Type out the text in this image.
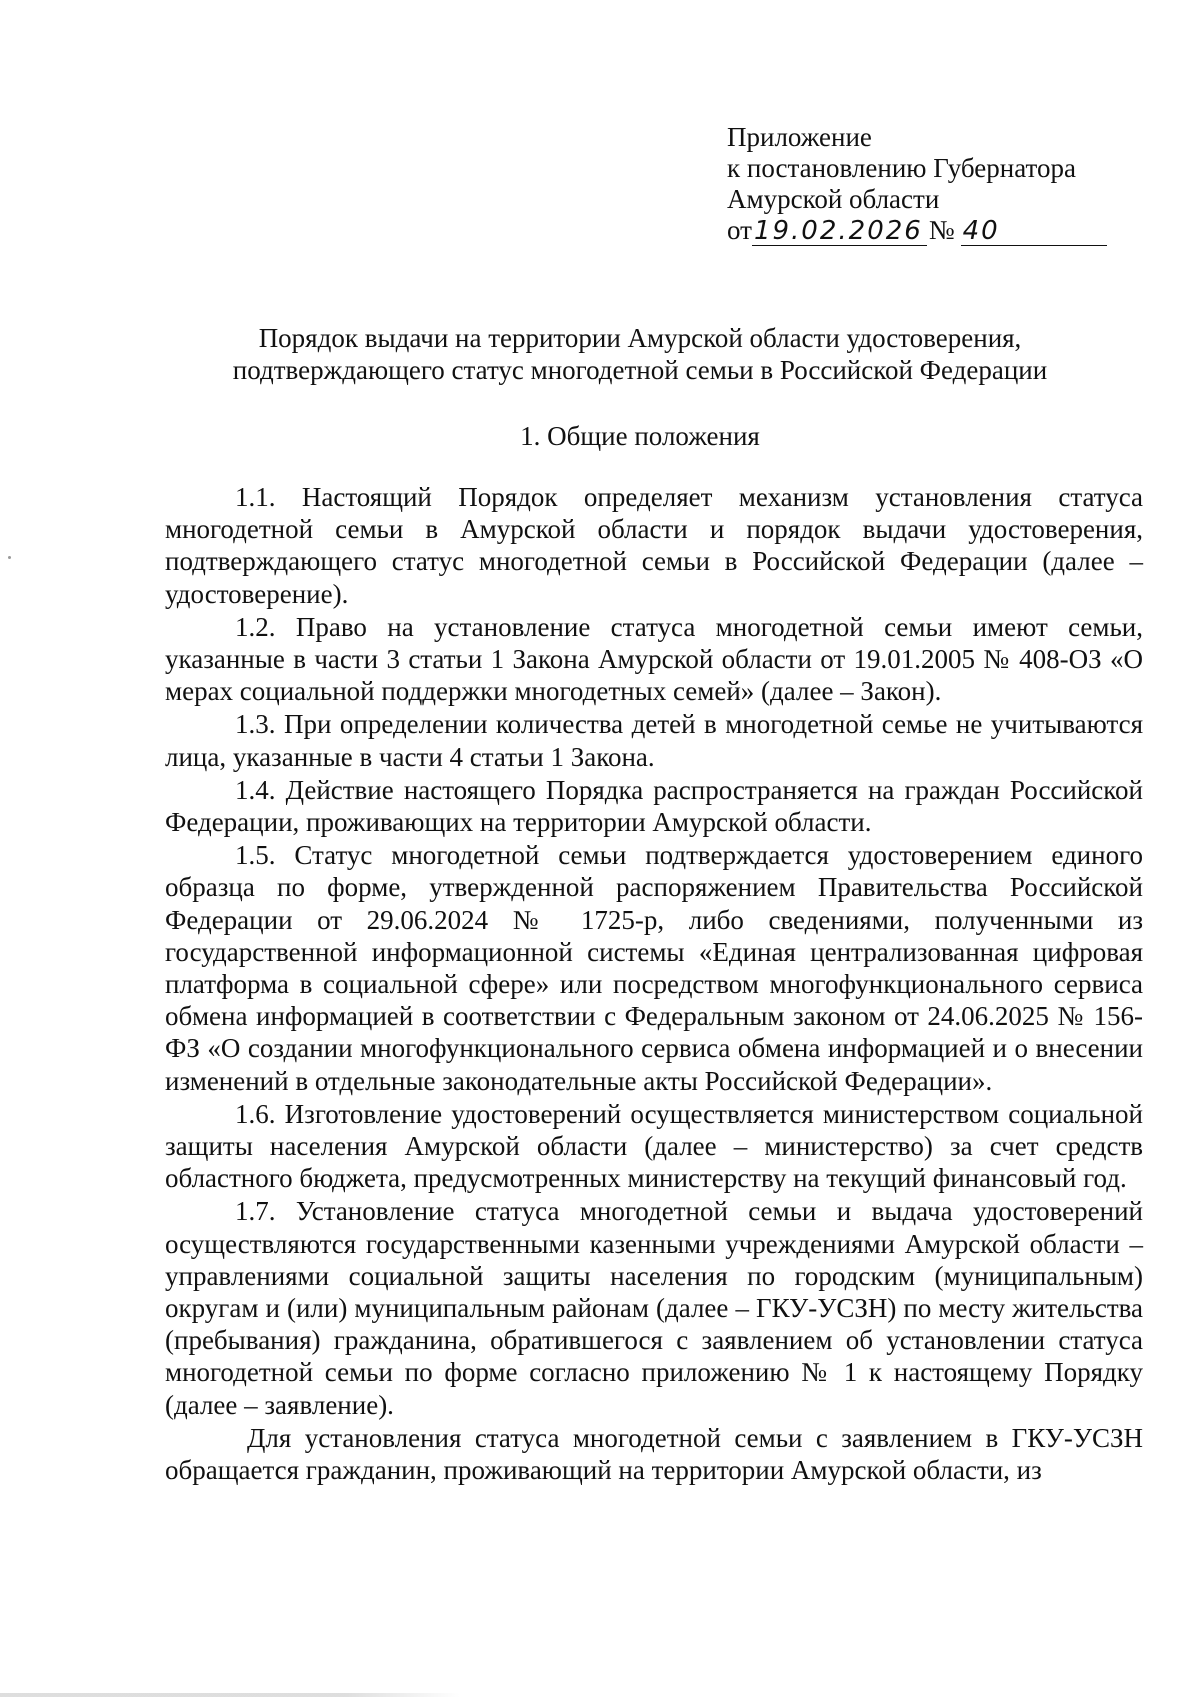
Приложение
к постановлению Губернатора
Амурской области
от 19.02.2026 № 40
Порядок выдачи на территории Амурской области удостоверения,
подтверждающего статус многодетной семьи в Российской Федерации
1. Общие положения

1.1. Настоящий Порядок определяет механизм установления статуса многодетной семьи в Амурской области и порядок выдачи удостоверения, подтверждающего статус многодетной семьи в Российской Федерации (далее – удостоверение).

1.2. Право на установление статуса многодетной семьи имеют семьи, указанные в части 3 статьи 1 Закона Амурской области от 19.01.2005 № 408-ОЗ «О мерах социальной поддержки многодетных семей» (далее – Закон).

1.3. При определении количества детей в многодетной семье не учитываются лица, указанные в части 4 статьи 1 Закона.

1.4. Действие настоящего Порядка распространяется на граждан Российской Федерации, проживающих на территории Амурской области.

1.5. Статус многодетной семьи подтверждается удостоверением единого образца по форме, утвержденной распоряжением Правительства Российской Федерации от 29.06.2024 № 1725-р, либо сведениями, полученными из государственной информационной системы «Единая централизованная цифровая платформа в социальной сфере» или посредством многофункционального сервиса обмена информацией в соответствии с Федеральным законом от 24.06.2025 № 156-ФЗ «О создании многофункционального сервиса обмена информацией и о внесении изменений в отдельные законодательные акты Российской Федерации».

1.6. Изготовление удостоверений осуществляется министерством социальной защиты населения Амурской области (далее – министерство) за счет средств областного бюджета, предусмотренных министерству на текущий финансовый год.

1.7. Установление статуса многодетной семьи и выдача удостоверений осуществляются государственными казенными учреждениями Амурской области – управлениями социальной защиты населения по городским (муниципальным) округам и (или) муниципальным районам (далее – ГКУ-УСЗН) по месту жительства (пребывания) гражданина, обратившегося с заявлением об установлении статуса многодетной семьи по форме согласно приложению № 1 к настоящему Порядку (далее – заявление).

Для установления статуса многодетной семьи с заявлением в ГКУ-УСЗН обращается гражданин, проживающий на территории Амурской области, из
